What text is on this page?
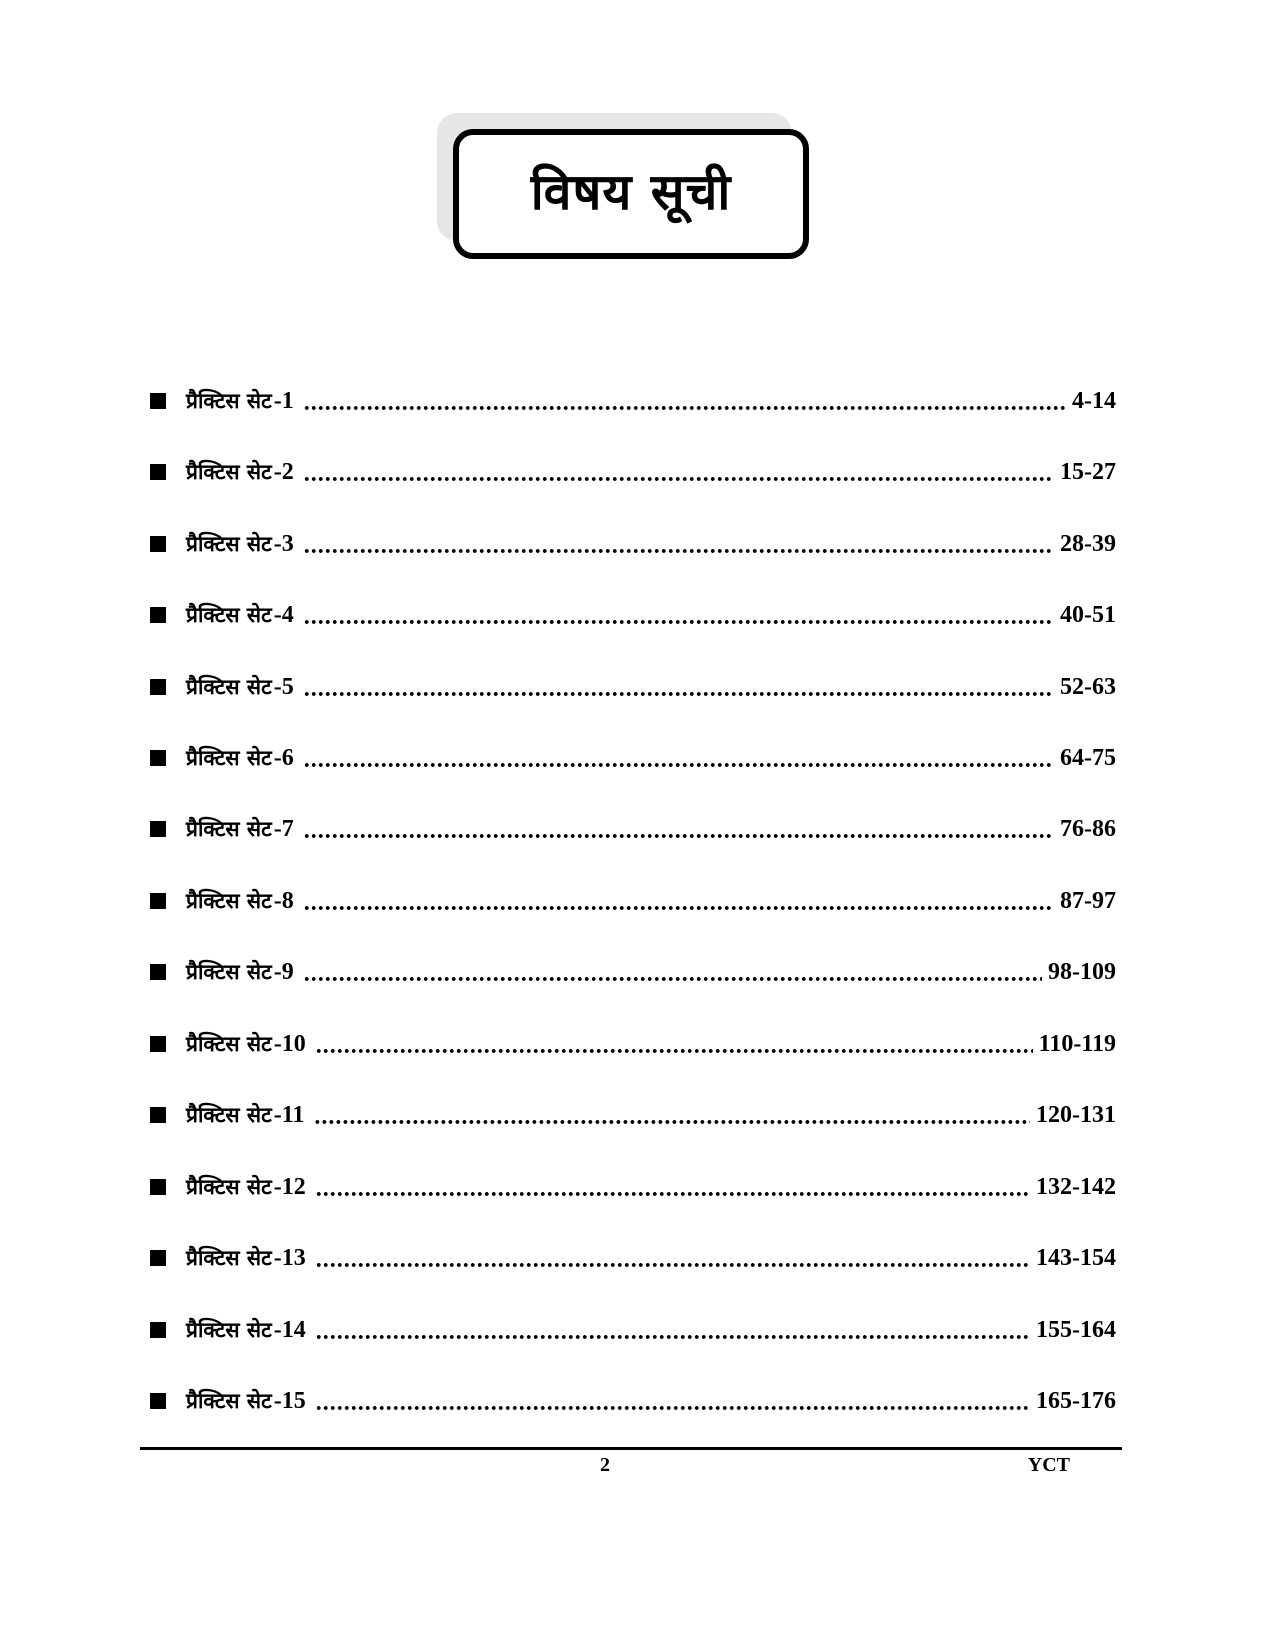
विषय सूची
प्रैक्टिस सेट -1 .....	4-14
प्रैक्टिस सेट -2 .....	15-27
प्रैक्टिस सेट -3 .....	28-39
प्रैक्टिस सेट -4 .....	40-51
प्रैक्टिस सेट -5 .....	52-63
प्रैक्टिस सेट -6 .....	64-75
प्रैक्टिस सेट -7 .....	76-86
प्रैक्टिस सेट -8 .....	87-97
प्रैक्टिस सेट -9 .....	98-109
प्रैक्टिस सेट -10 .....	110-119
प्रैक्टिस सेट -11 .....	120-131
प्रैक्टिस सेट -12 .....	132-142
प्रैक्टिस सेट -13 .....	143-154
प्रैक्टिस सेट -14 .....	155-164
प्रैक्टिस सेट -15 .....	165-176
2	YCT
